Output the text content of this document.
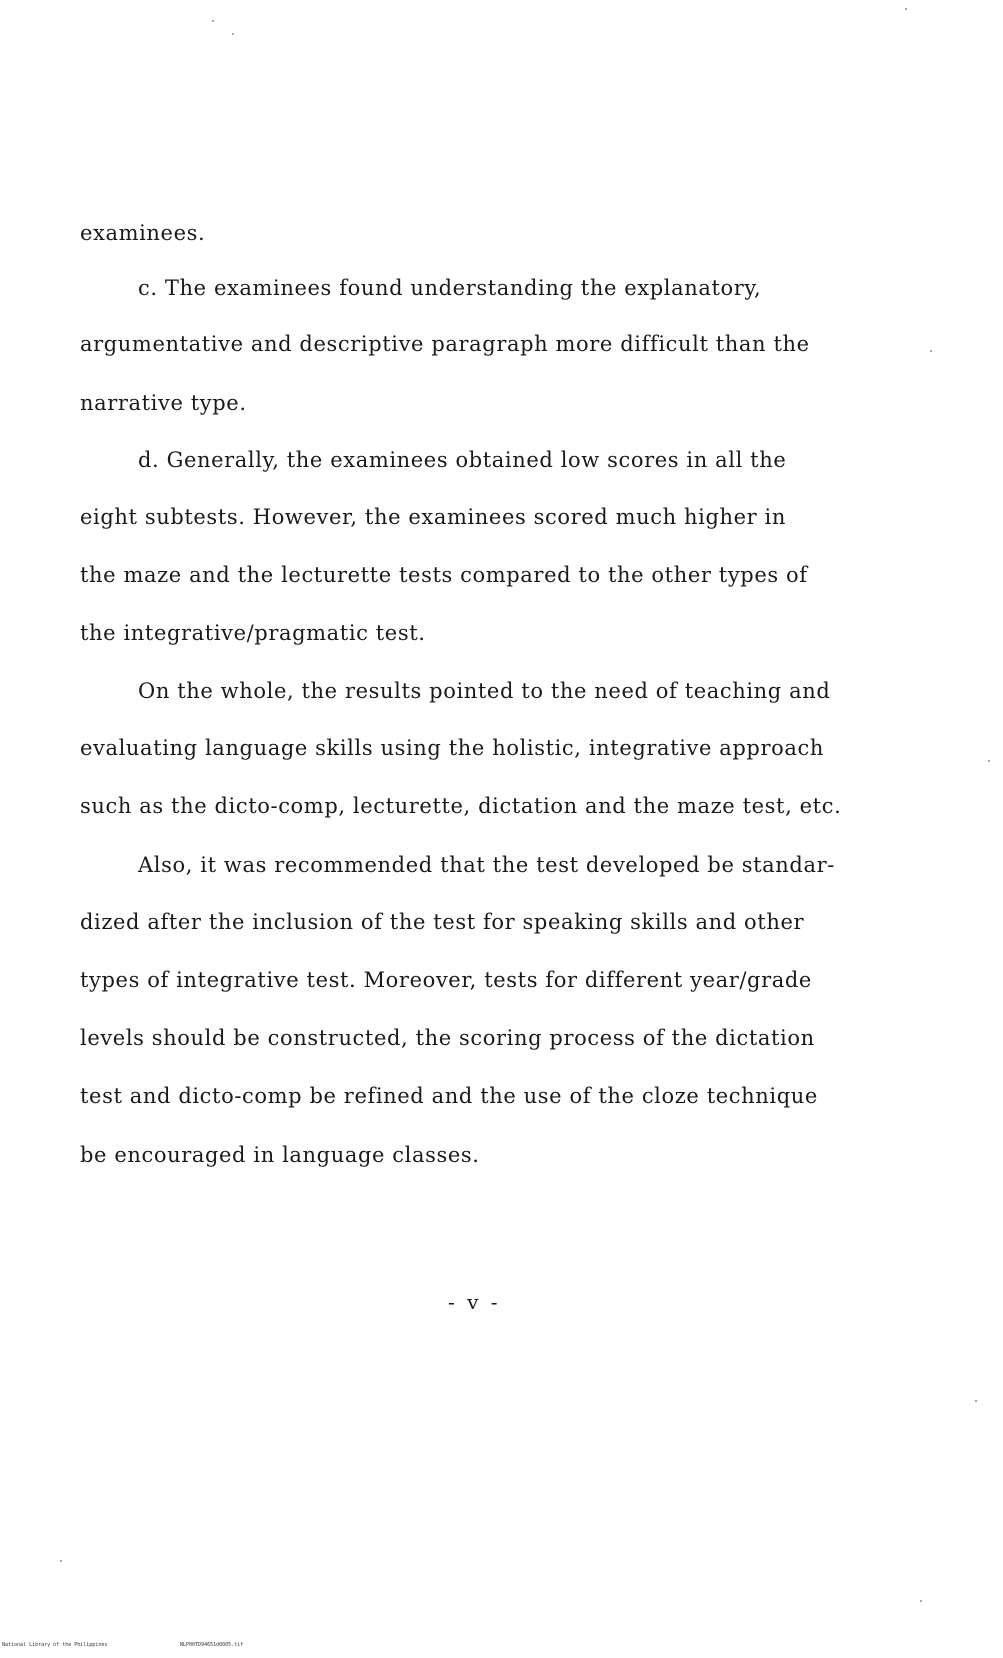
examinees.
c. The examinees found understanding the explanatory,
argumentative and descriptive paragraph more difficult than the
narrative type.
d. Generally, the examinees obtained low scores in all the
eight subtests. However, the examinees scored much higher in
the maze and the lecturette tests compared to the other types of
the integrative/pragmatic test.
On the whole, the results pointed to the need of teaching and
evaluating language skills using the holistic, integrative approach
such as the dicto-comp, lecturette, dictation and the maze test, etc.
Also, it was recommended that the test developed be standar-
dized after the inclusion of the test for speaking skills and other
types of integrative test. Moreover, tests for different year/grade
levels should be constructed, the scoring process of the dictation
test and dicto-comp be refined and the use of the cloze technique
be encouraged in language classes.
- v -
National Library of the Philippines	NLP00TD94651d0005.tif
